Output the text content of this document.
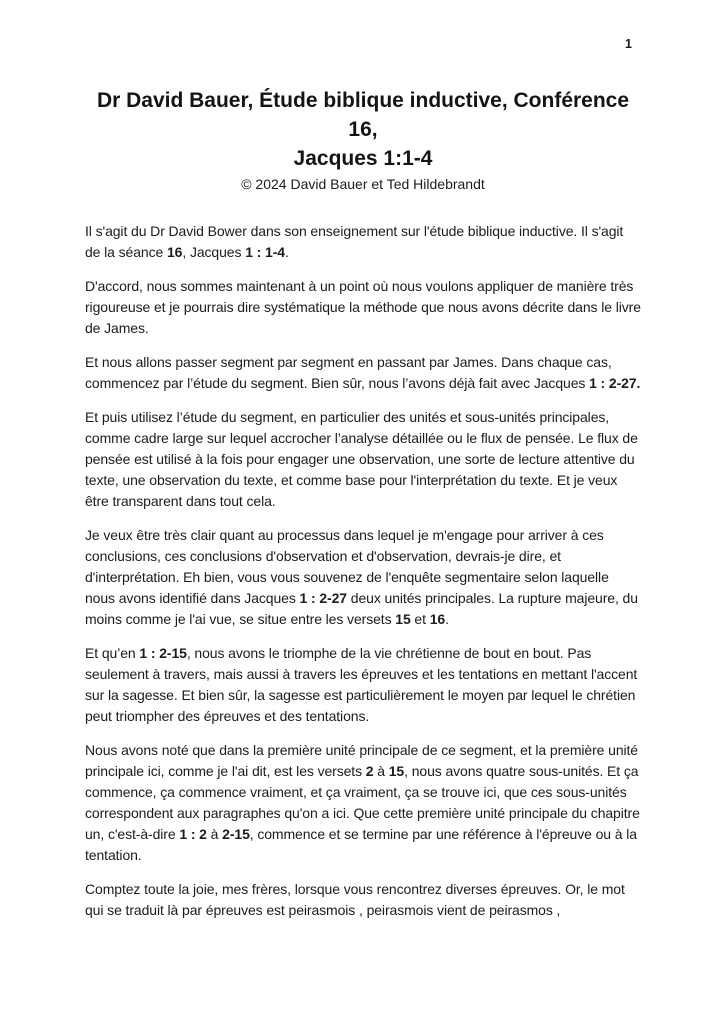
1
Dr David Bauer, Étude biblique inductive, Conférence
16,
Jacques 1:1-4
© 2024 David Bauer et Ted Hildebrandt

Il s'agit du Dr David Bower dans son enseignement sur l'étude biblique inductive. Il s'agit de la séance 16, Jacques 1 : 1-4.

D'accord, nous sommes maintenant à un point où nous voulons appliquer de manière très rigoureuse et je pourrais dire systématique la méthode que nous avons décrite dans le livre de James.

Et nous allons passer segment par segment en passant par James. Dans chaque cas, commencez par l’étude du segment. Bien sûr, nous l’avons déjà fait avec Jacques 1 : 2-27.

Et puis utilisez l’étude du segment, en particulier des unités et sous-unités principales, comme cadre large sur lequel accrocher l’analyse détaillée ou le flux de pensée. Le flux de pensée est utilisé à la fois pour engager une observation, une sorte de lecture attentive du texte, une observation du texte, et comme base pour l'interprétation du texte. Et je veux être transparent dans tout cela.

Je veux être très clair quant au processus dans lequel je m'engage pour arriver à ces conclusions, ces conclusions d'observation et d'observation, devrais-je dire, et d'interprétation. Eh bien, vous vous souvenez de l'enquête segmentaire selon laquelle nous avons identifié dans Jacques 1 : 2-27 deux unités principales. La rupture majeure, du moins comme je l'ai vue, se situe entre les versets 15 et 16.

Et qu’en 1 : 2-15, nous avons le triomphe de la vie chrétienne de bout en bout. Pas seulement à travers, mais aussi à travers les épreuves et les tentations en mettant l'accent sur la sagesse. Et bien sûr, la sagesse est particulièrement le moyen par lequel le chrétien peut triompher des épreuves et des tentations.

Nous avons noté que dans la première unité principale de ce segment, et la première unité principale ici, comme je l'ai dit, est les versets 2 à 15, nous avons quatre sous-unités. Et ça commence, ça commence vraiment, et ça vraiment, ça se trouve ici, que ces sous-unités correspondent aux paragraphes qu'on a ici. Que cette première unité principale du chapitre un, c'est-à-dire 1 : 2 à 2-15, commence et se termine par une référence à l'épreuve ou à la tentation.

Comptez toute la joie, mes frères, lorsque vous rencontrez diverses épreuves. Or, le mot qui se traduit là par épreuves est peirasmois , peirasmois vient de peirasmos ,
